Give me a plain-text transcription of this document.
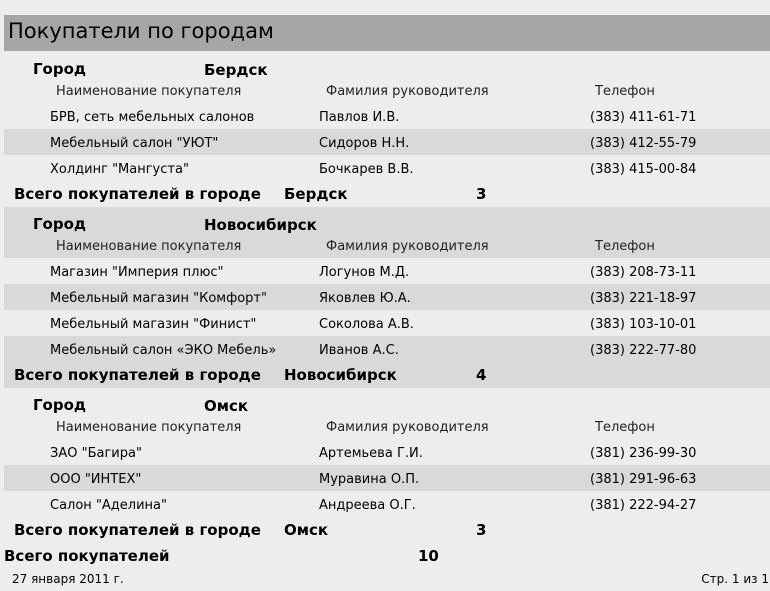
Покупатели по городам
Город	Бердск
Наименование покупателя	Фамилия руководителя	Телефон
БРВ, сеть мебельных салонов	Павлов И.В.	(383) 411-61-71
Мебельный салон "УЮТ"	Сидоров Н.Н.	(383) 412-55-79
Холдинг "Мангуста"	Бочкарев В.В.	(383) 415-00-84
Всего покупателей в городе Бердск	3
Город	Новосибирск
Наименование покупателя	Фамилия руководителя	Телефон
Магазин "Империя плюс"	Логунов М.Д.	(383) 208-73-11
Мебельный магазин "Комфорт"	Яковлев Ю.А.	(383) 221-18-97
Мебельный магазин "Финист"	Соколова А.В.	(383) 103-10-01
Мебельный салон «ЭКО Мебель»	Иванов А.С.	(383) 222-77-80
Всего покупателей в городе Новосибирск	4
Город	Омск
Наименование покупателя	Фамилия руководителя	Телефон
ЗАО "Багира"	Артемьева Г.И.	(381) 236-99-30
ООО "ИНТЕХ"	Муравина О.П.	(381) 291-96-63
Салон "Аделина"	Андреева О.Г.	(381) 222-94-27
Всего покупателей в городе Омск	3
Всего покупателей	10
27 января 2011 г.	Стр. 1 из 1
